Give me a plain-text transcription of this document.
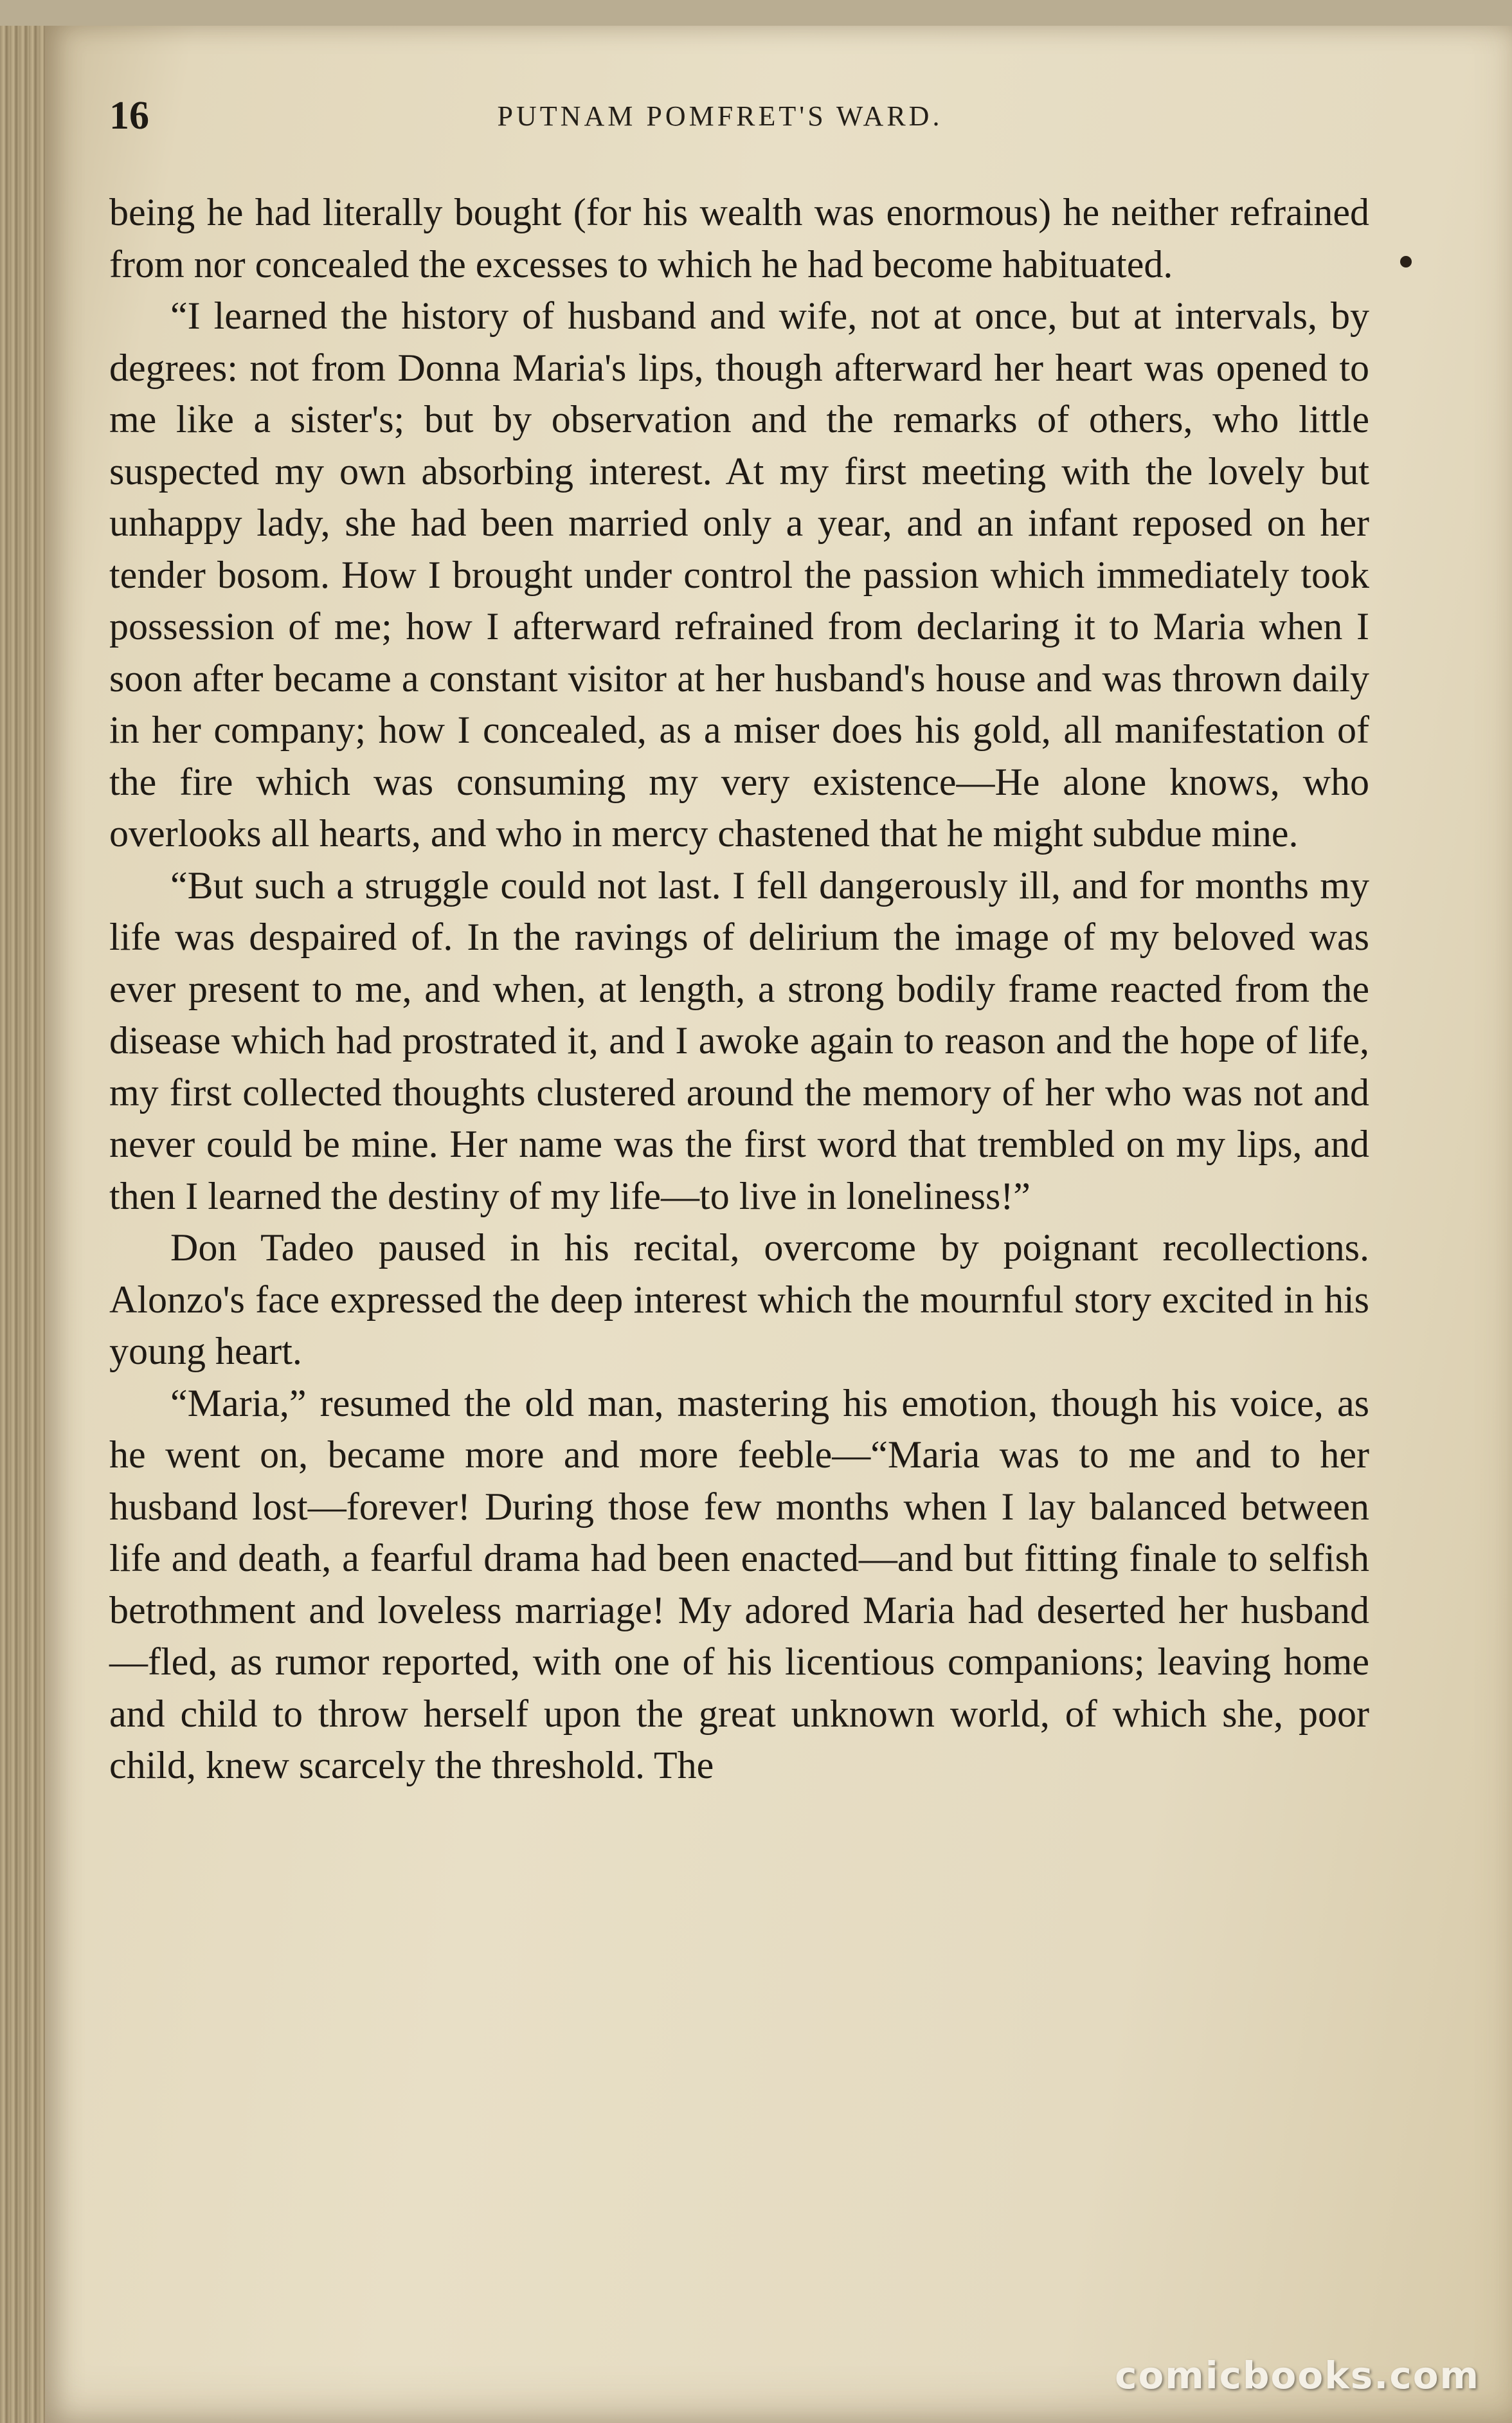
16	PUTNAM POMFRET'S WARD.

being he had literally bought (for his wealth was enormous) he neither refrained from nor concealed the excesses to which he had become habituated.

“I learned the history of husband and wife, not at once, but at intervals, by degrees: not from Donna Maria's lips, though afterward her heart was opened to me like a sister's; but by observation and the remarks of others, who little suspected my own absorbing interest. At my first meeting with the lovely but unhappy lady, she had been married only a year, and an infant reposed on her tender bosom. How I brought under control the passion which immediately took possession of me; how I afterward refrained from declaring it to Maria when I soon after became a constant visitor at her husband's house and was thrown daily in her company; how I concealed, as a miser does his gold, all manifestation of the fire which was consuming my very existence—He alone knows, who overlooks all hearts, and who in mercy chastened that he might subdue mine.

“But such a struggle could not last. I fell dangerously ill, and for months my life was despaired of. In the ravings of delirium the image of my beloved was ever present to me, and when, at length, a strong bodily frame reacted from the disease which had prostrated it, and I awoke again to reason and the hope of life, my first collected thoughts clustered around the memory of her who was not and never could be mine. Her name was the first word that trembled on my lips, and then I learned the destiny of my life—to live in loneliness!”

Don Tadeo paused in his recital, overcome by poignant recollections. Alonzo's face expressed the deep interest which the mournful story excited in his young heart.

“Maria,” resumed the old man, mastering his emotion, though his voice, as he went on, became more and more feeble—“Maria was to me and to her husband lost—forever! During those few months when I lay balanced between life and death, a fearful drama had been enacted—and but fitting finale to selfish betrothment and loveless marriage! My adored Maria had deserted her husband—fled, as rumor reported, with one of his licentious companions; leaving home and child to throw herself upon the great unknown world, of which she, poor child, knew scarcely the threshold. The

comicbooks.com
